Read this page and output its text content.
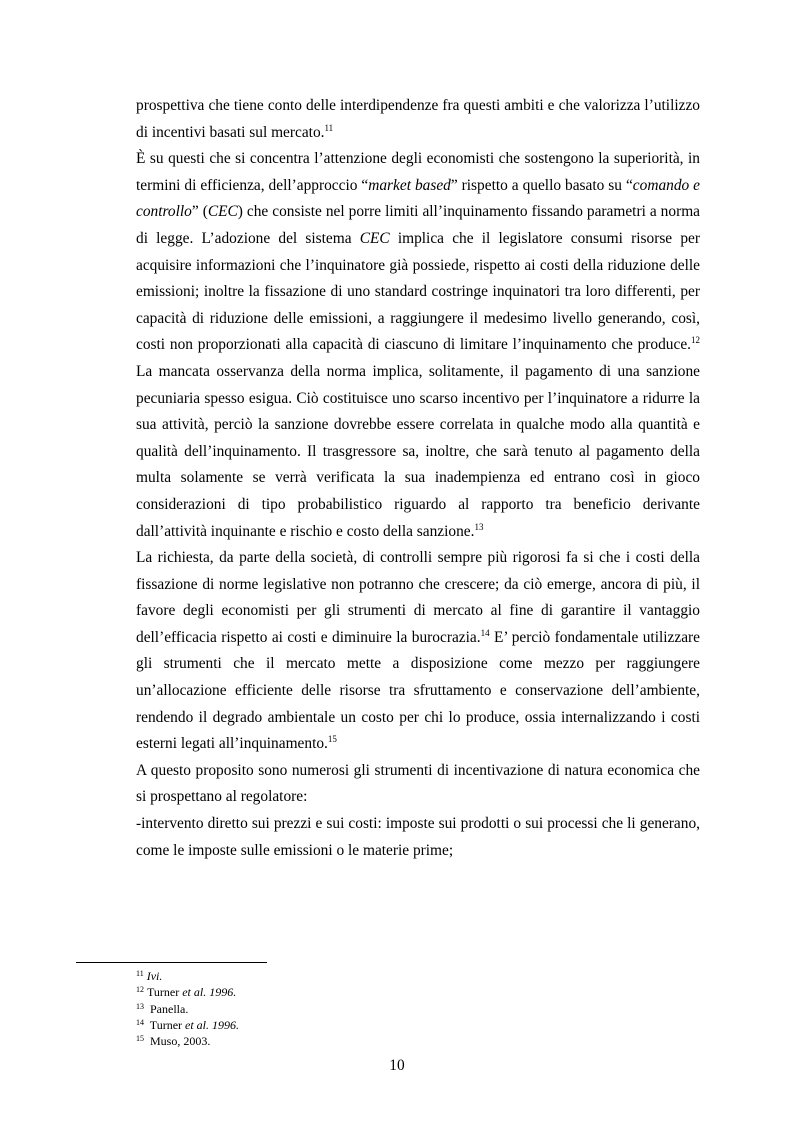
prospettiva che tiene conto delle interdipendenze fra questi ambiti e che valorizza l’utilizzo di incentivi basati sul mercato.$^{11}$

È su questi che si concentra l’attenzione degli economisti che sostengono la superiorità, in termini di efficienza, dell’approccio “market based” rispetto a quello basato su “comando e controllo” (CEC) che consiste nel porre limiti all’inquinamento fissando parametri a norma di legge. L’adozione del sistema CEC implica che il legislatore consumi risorse per acquisire informazioni che l’inquinatore già possiede, rispetto ai costi della riduzione delle emissioni; inoltre la fissazione di uno standard costringe inquinatori tra loro differenti, per capacità di riduzione delle emissioni, a raggiungere il medesimo livello generando, così, costi non proporzionati alla capacità di ciascuno di limitare l’inquinamento che produce.$^{12}$ La mancata osservanza della norma implica, solitamente, il pagamento di una sanzione pecuniaria spesso esigua. Ciò costituisce uno scarso incentivo per l’inquinatore a ridurre la sua attività, perciò la sanzione dovrebbe essere correlata in qualche modo alla quantità e qualità dell’inquinamento. Il trasgressore sa, inoltre, che sarà tenuto al pagamento della multa solamente se verrà verificata la sua inadempienza ed entrano così in gioco considerazioni di tipo probabilistico riguardo al rapporto tra beneficio derivante dall’attività inquinante e rischio e costo della sanzione.$^{13}$

La richiesta, da parte della società, di controlli sempre più rigorosi fa si che i costi della fissazione di norme legislative non potranno che crescere; da ciò emerge, ancora di più, il favore degli economisti per gli strumenti di mercato al fine di garantire il vantaggio dell’efficacia rispetto ai costi e diminuire la burocrazia.$^{14}$ E’ perciò fondamentale utilizzare gli strumenti che il mercato mette a disposizione come mezzo per raggiungere un’allocazione efficiente delle risorse tra sfruttamento e conservazione dell’ambiente, rendendo il degrado ambientale un costo per chi lo produce, ossia internalizzando i costi esterni legati all’inquinamento.$^{15}$

A questo proposito sono numerosi gli strumenti di incentivazione di natura economica che si prospettano al regolatore:

-intervento diretto sui prezzi e sui costi: imposte sui prodotti o sui processi che li generano, come le imposte sulle emissioni o le materie prime;

$^{11}$ Ivi.
$^{12}$ Turner et al. 1996.
$^{13}$ Panella.
$^{14}$ Turner et al. 1996.
$^{15}$ Muso, 2003.
10
